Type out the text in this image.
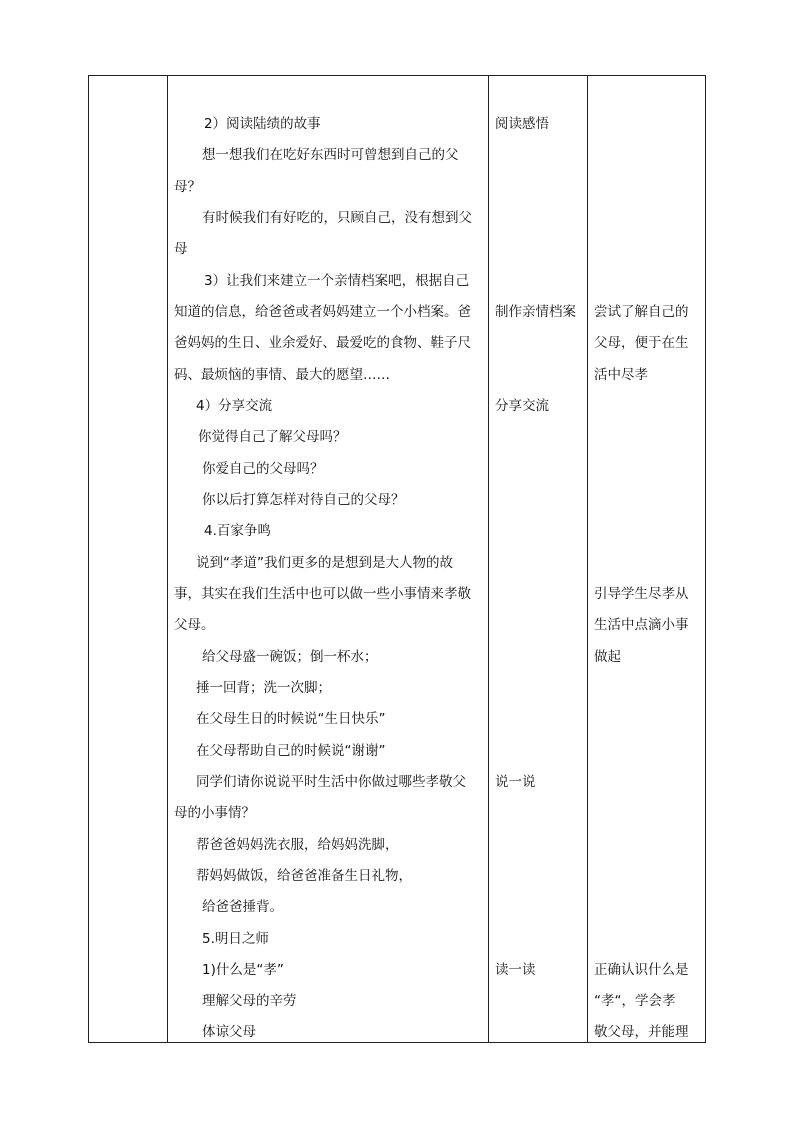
2）阅读陆绩的故事
想一想我们在吃好东西时可曾想到自己的父
母？
有时候我们有好吃的，只顾自己，没有想到父
母
3）让我们来建立一个亲情档案吧，根据自己
知道的信息，给爸爸或者妈妈建立一个小档案。爸
爸妈妈的生日、业余爱好、最爱吃的食物、鞋子尺
码、最烦恼的事情、最大的愿望……
4）分享交流
你觉得自己了解父母吗？
你爱自己的父母吗？
你以后打算怎样对待自己的父母？
4.百家争鸣
说到“孝道”我们更多的是想到是大人物的故
事，其实在我们生活中也可以做一些小事情来孝敬
父母。
给父母盛一碗饭；倒一杯水；
捶一回背；洗一次脚；
在父母生日的时候说“生日快乐”
在父母帮助自己的时候说“谢谢”
同学们请你说说平时生活中你做过哪些孝敬父
母的小事情？
帮爸爸妈妈洗衣服，给妈妈洗脚，
帮妈妈做饭，给爸爸准备生日礼物，
给爸爸捶背。
5.明日之师
1)什么是“孝”
理解父母的辛劳
体谅父母
阅读感悟
制作亲情档案
分享交流
说一说
读一读
尝试了解自己的
父母，便于在生
活中尽孝
引导学生尽孝从
生活中点滴小事
做起
正确认识什么是
“孝“，学会孝
敬父母，并能理
